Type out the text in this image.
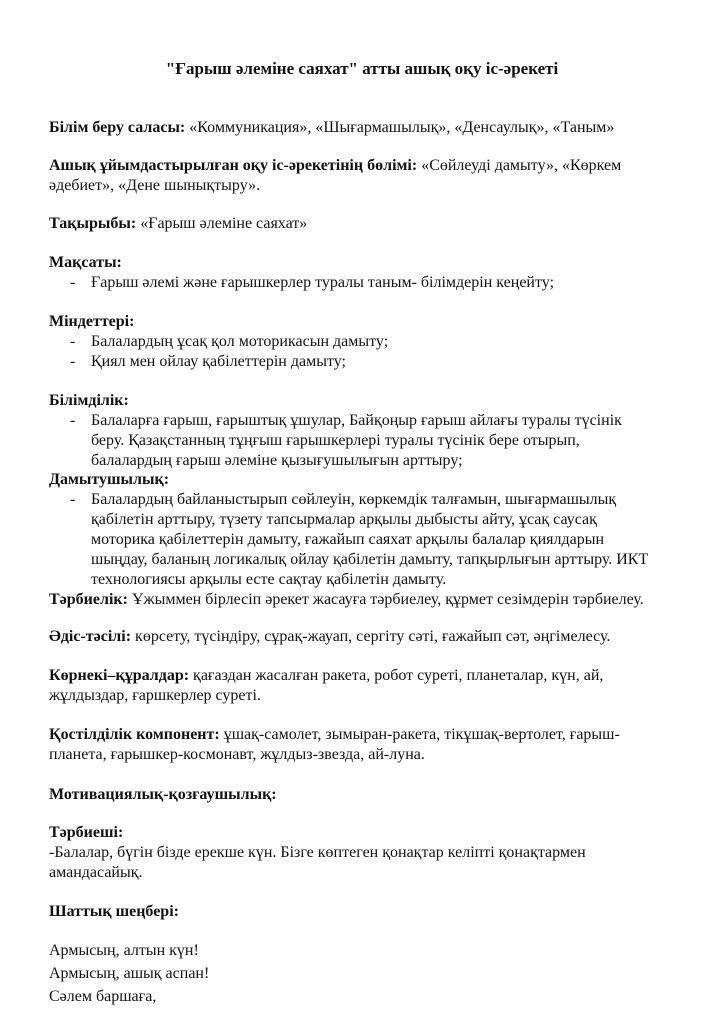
"Ғарыш әлеміне саяхат" атты ашық оқу іс-әрекеті
Білім беру саласы: «Коммуникация», «Шығармашылық», «Денсаулық», «Таным»
Ашық ұйымдастырылған оқу іс-әрекетінің бөлімі: «Сөйлеуді дамыту», «Көркем
әдебиет», «Дене шынықтыру».
Тақырыбы: «Ғарыш әлеміне саяхат»
Мақсаты:
- Ғарыш әлемі және ғарышкерлер туралы таным- білімдерін кеңейту;
Міндеттері:
- Балалардың ұсақ қол моторикасын дамыту;
- Қиял мен ойлау қабілеттерін дамыту;
Білімділік:
- Балаларға ғарыш, ғарыштық ұшулар, Байқоңыр ғарыш айлағы туралы түсінік
беру. Қазақстанның тұңғыш ғарышкерлері туралы түсінік бере отырып,
балалардың ғарыш әлеміне қызығушылығын арттыру;
Дамытушылық:
- Балалардың байланыстырып сөйлеуін, көркемдік талғамын, шығармашылық
қабілетін арттыру, түзету тапсырмалар арқылы дыбысты айту, ұсақ саусақ
моторика қабілеттерін дамыту, ғажайып саяхат арқылы балалар қиялдарын
шыңдау, баланың логикалық ойлау қабілетін дамыту, тапқырлығын арттыру. ИКТ
технологиясы арқылы есте сақтау қабілетін дамыту.
Тәрбиелік: Ұжыммен бірлесіп әрекет жасауға тәрбиелеу, құрмет сезімдерін тәрбиелеу.
Әдіс-тәсілі: көрсету, түсіндіру, сұрақ-жауап, сергіту сәті, ғажайып сәт, әңгімелесу.
Көрнекі–құралдар: қағаздан жасалған ракета, робот суреті, планеталар, күн, ай,
жұлдыздар, ғаршкерлер суреті.
Қостілділік компонент: ұшақ-самолет, зымыран-ракета, тікұшақ-вертолет, ғарыш-
планета, ғарышкер-космонавт, жұлдыз-звезда, ай-луна.
Мотивациялық-қозғаушылық:
Тәрбиеші:
-Балалар, бүгін бізде ерекше күн. Бізге көптеген қонақтар келіпті қонақтармен
амандасайық.
Шаттық шеңбері:
Армысың, алтын күн!
Армысың, ашық аспан!
Сәлем баршаға,
